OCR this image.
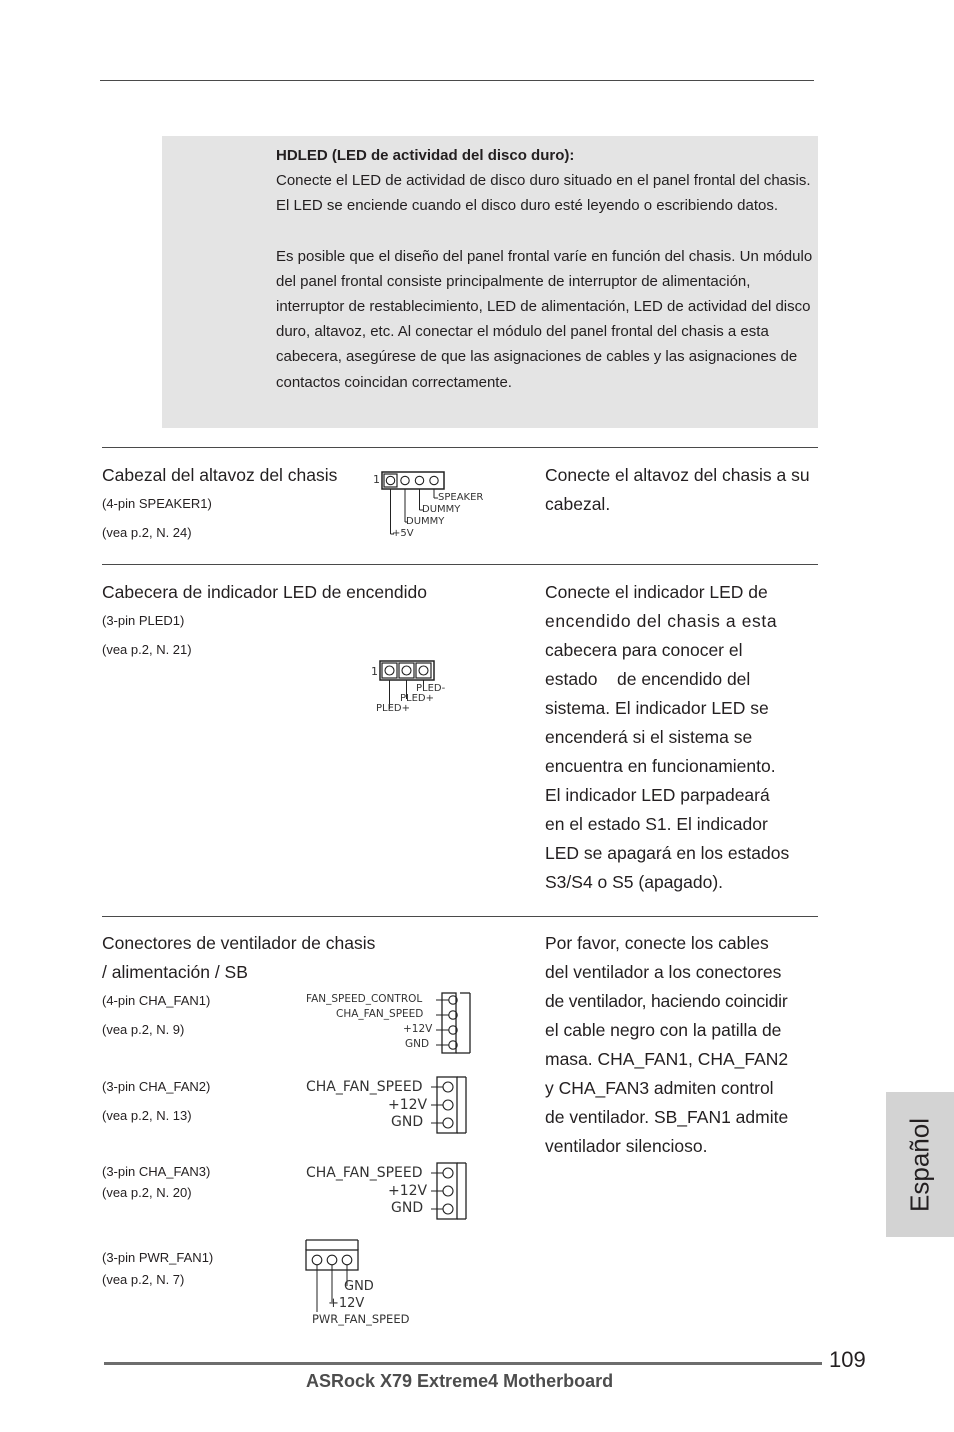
HDLED (LED de actividad del disco duro):

Conecte el LED de actividad de disco duro situado en el panel frontal del chasis. El LED se enciende cuando el disco duro esté leyendo o escribiendo datos.

Es posible que el diseño del panel frontal varíe en función del chasis. Un módulo del panel frontal consiste principalmente de interruptor de alimentación, interruptor de restablecimiento, LED de alimentación, LED de actividad del disco duro, altavoz, etc. Al conectar el módulo del panel frontal del chasis a esta cabecera, asegúrese de que las asignaciones de cables y las asignaciones de contactos coincidan correctamente.

Cabezal del altavoz del chasis
(4-pin SPEAKER1)
(vea p.2, N. 24)
Conecte el altavoz del chasis a su cabezal.
1
SPEAKER
DUMMY
DUMMY
+5V
Cabecera de indicador LED de encendido
(3-pin PLED1)
(vea p.2, N. 21)

Conecte el indicador LED de

encendido del chasis a esta

cabecera para conocer el

estado    de encendido del

sistema. El indicador LED se

encenderá si el sistema se

encuentra en funcionamiento.

El indicador LED parpadeará

en el estado S1. El indicador

LED se apagará en los estados

S3/S4 o S5 (apagado).

1
PLED-
PLED+
PLED+
Conectores de ventilador de chasis
/ alimentación / SB

Por favor, conecte los cables

del ventilador a los conectores

de ventilador, haciendo coincidir

el cable negro con la patilla de

masa. CHA_FAN1, CHA_FAN2

y CHA_FAN3 admiten control

de ventilador. SB_FAN1 admite

ventilador silencioso.

(4-pin CHA_FAN1)
(vea p.2, N. 9)
FAN_SPEED_CONTROL
CHA_FAN_SPEED
+12V
GND
(3-pin CHA_FAN2)
(vea p.2, N. 13)
CHA_FAN_SPEED
+12V
GND
(3-pin CHA_FAN3)
(vea p.2, N. 20)
CHA_FAN_SPEED
+12V
GND
(3-pin PWR_FAN1)
(vea p.2, N. 7)	GND
+12V
PWR_FAN_SPEED
Español
109
ASRock X79 Extreme4 Motherboard
